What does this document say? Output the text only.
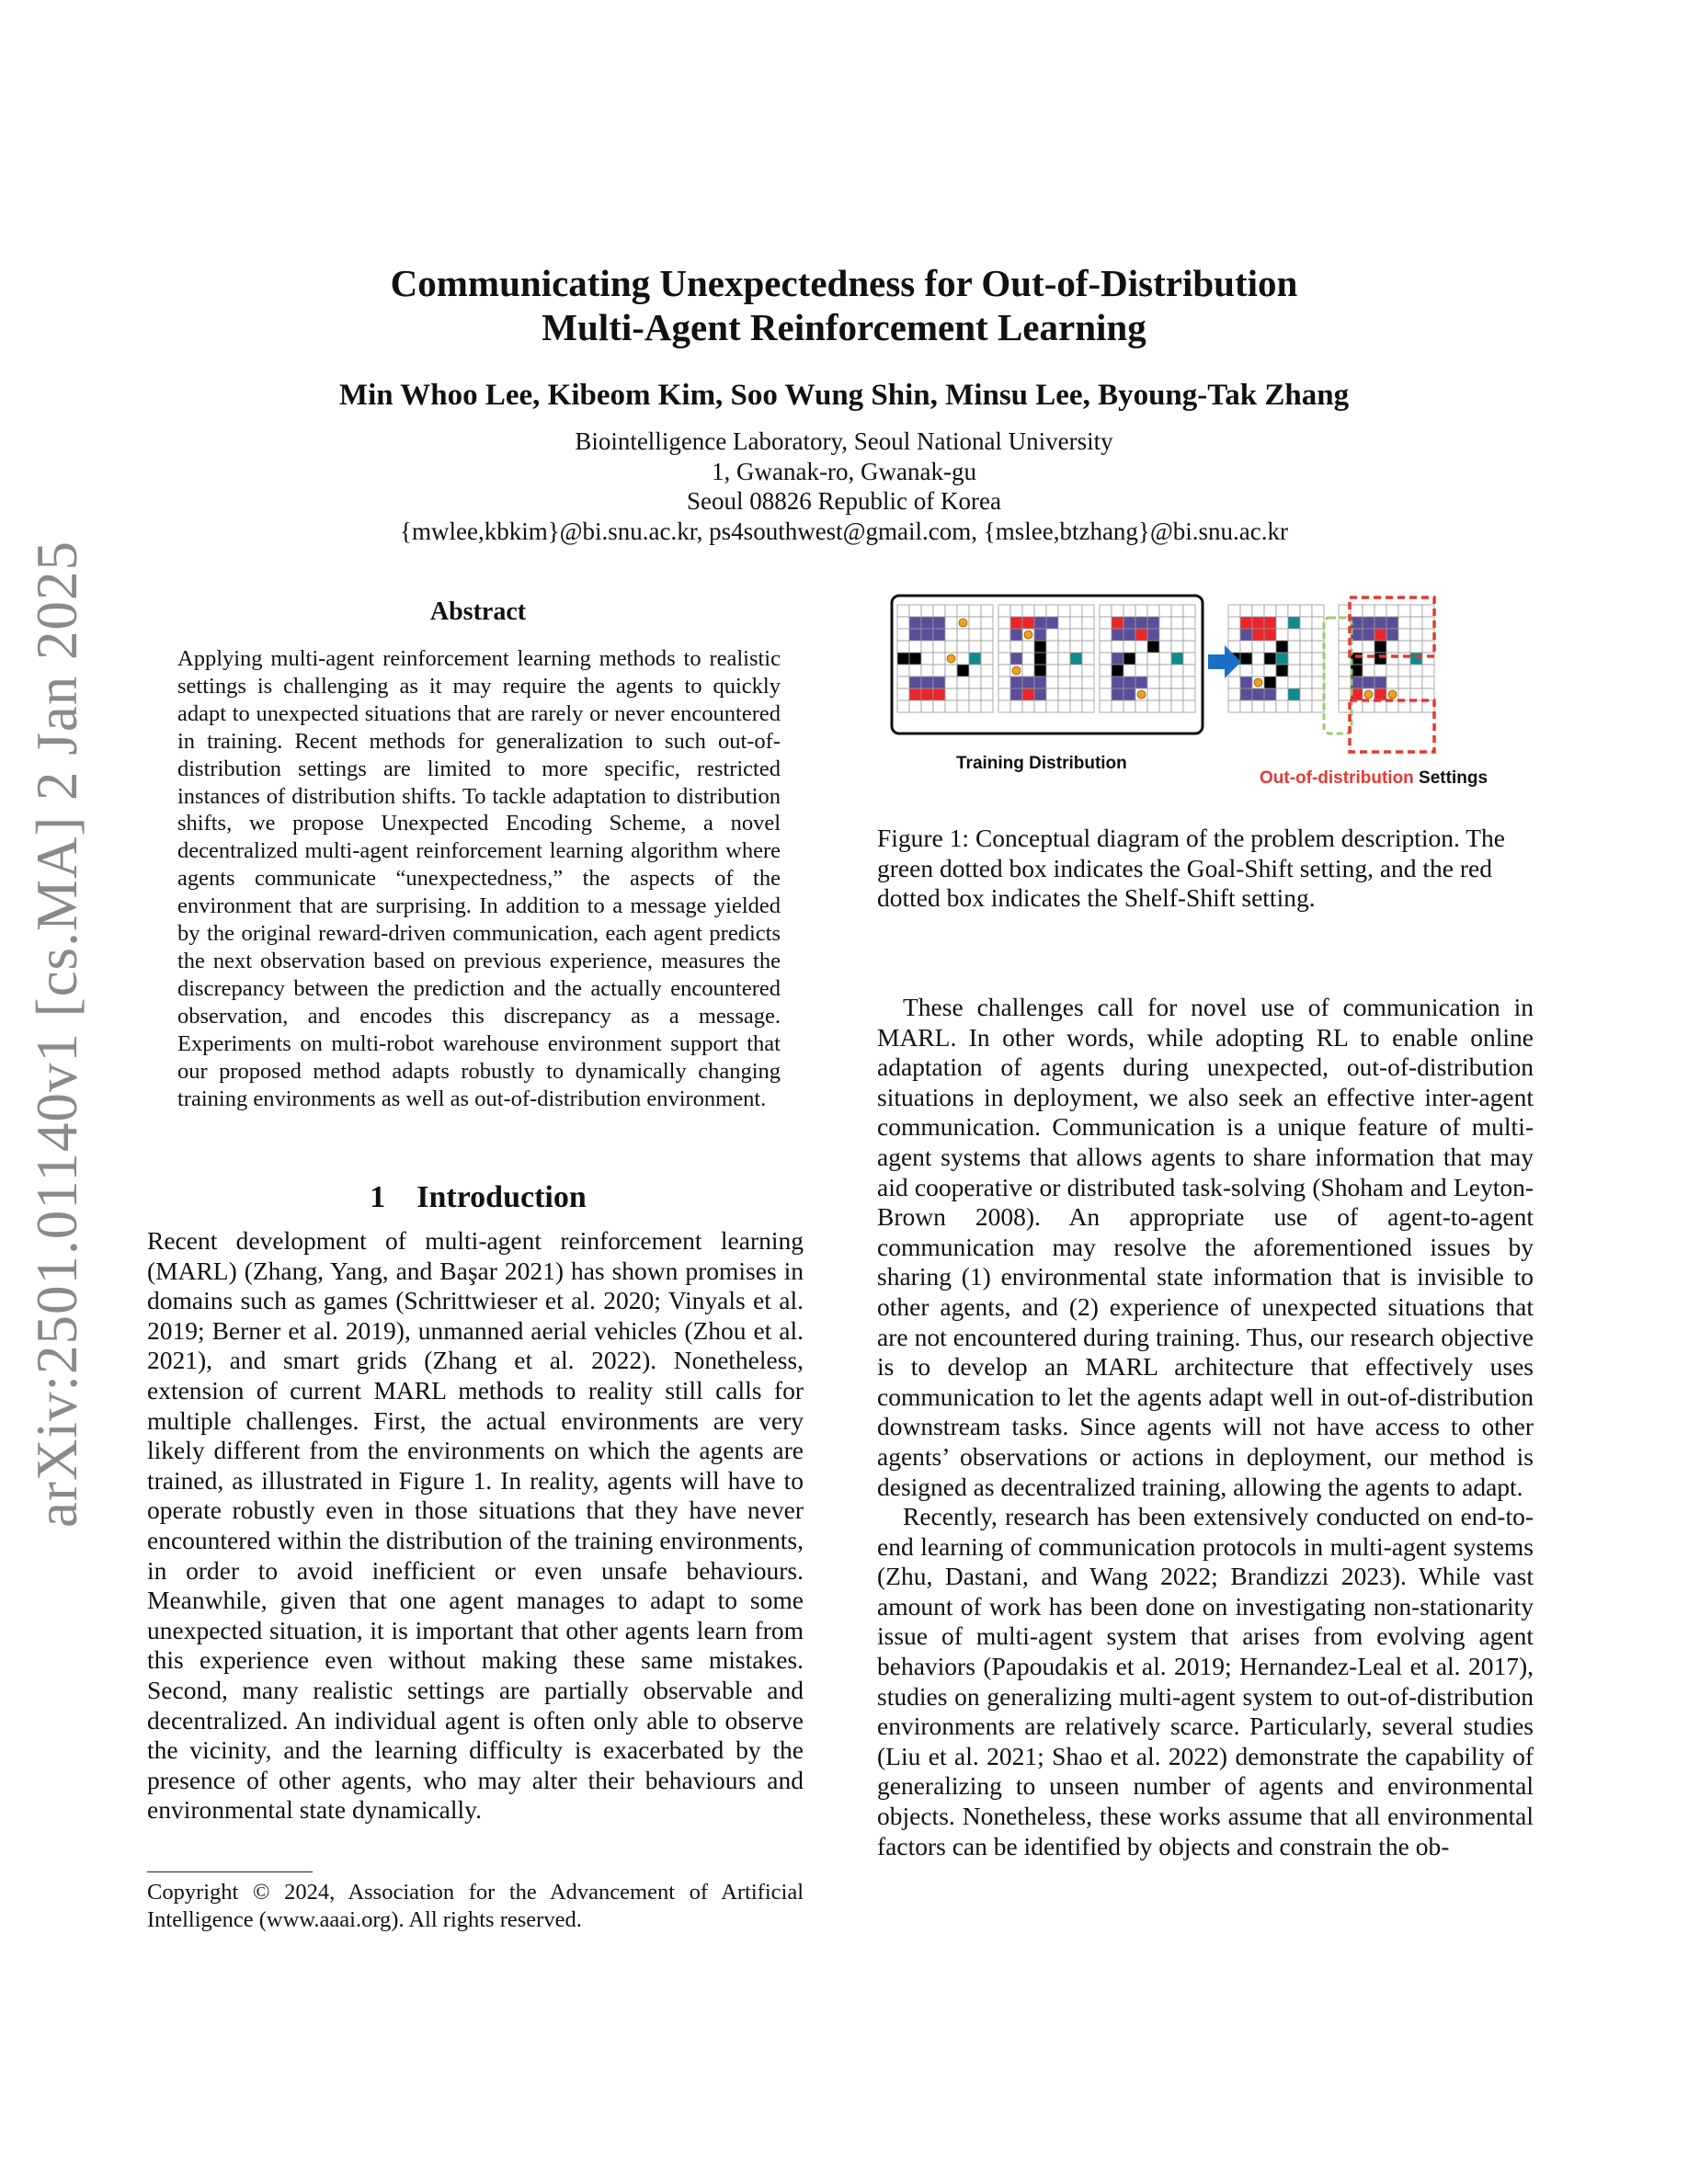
arXiv:2501.01140v1 [cs.MA] 2 Jan 2025
Communicating Unexpectedness for Out-of-Distribution
Multi-Agent Reinforcement Learning
Min Whoo Lee, Kibeom Kim, Soo Wung Shin, Minsu Lee, Byoung-Tak Zhang
Biointelligence Laboratory, Seoul National University
1, Gwanak-ro, Gwanak-gu
Seoul 08826 Republic of Korea
{mwlee,kbkim}@bi.snu.ac.kr, ps4southwest@gmail.com, {mslee,btzhang}@bi.snu.ac.kr
Abstract
Applying multi-agent reinforcement learning methods to realistic settings is challenging as it may require the agents to quickly adapt to unexpected situations that are rarely or never encountered in training. Recent methods for generalization to such out-of-distribution settings are limited to more specific, restricted instances of distribution shifts. To tackle adaptation to distribution shifts, we propose Unexpected Encoding Scheme, a novel decentralized multi-agent reinforcement learning algorithm where agents communicate “unexpectedness,” the aspects of the environment that are surprising. In addition to a message yielded by the original reward-driven communication, each agent predicts the next observation based on previous experience, measures the discrepancy between the prediction and the actually encountered observation, and encodes this discrepancy as a message. Experiments on multi-robot warehouse environment support that our proposed method adapts robustly to dynamically changing training environments as well as out-of-distribution environment.
1    Introduction

Recent development of multi-agent reinforcement learning (MARL) (Zhang, Yang, and Başar 2021) has shown promises in domains such as games (Schrittwieser et al. 2020; Vinyals et al. 2019; Berner et al. 2019), unmanned aerial vehicles (Zhou et al. 2021), and smart grids (Zhang et al. 2022). Nonetheless, extension of current MARL methods to reality still calls for multiple challenges. First, the actual environments are very likely different from the environments on which the agents are trained, as illustrated in Figure 1. In reality, agents will have to operate robustly even in those situations that they have never encountered within the distribution of the training environments, in order to avoid inefficient or even unsafe behaviours. Meanwhile, given that one agent manages to adapt to some unexpected situation, it is important that other agents learn from this experience even without making these same mistakes. Second, many realistic settings are partially observable and decentralized. An individual agent is often only able to observe the vicinity, and the learning difficulty is exacerbated by the presence of other agents, who may alter their behaviours and environmental state dynamically.

Copyright © 2024, Association for the Advancement of Artificial Intelligence (www.aaai.org). All rights reserved.
Training Distribution
Out-of-distribution Settings
Figure 1: Conceptual diagram of the problem description. The green dotted box indicates the Goal-Shift setting, and the red dotted box indicates the Shelf-Shift setting.

These challenges call for novel use of communication in MARL. In other words, while adopting RL to enable online adaptation of agents during unexpected, out-of-distribution situations in deployment, we also seek an effective inter-agent communication. Communication is a unique feature of multi-agent systems that allows agents to share information that may aid cooperative or distributed task-solving (Shoham and Leyton-Brown 2008). An appropriate use of agent-to-agent communication may resolve the aforementioned issues by sharing (1) environmental state information that is invisible to other agents, and (2) experience of unexpected situations that are not encountered during training. Thus, our research objective is to develop an MARL architecture that effectively uses communication to let the agents adapt well in out-of-distribution downstream tasks. Since agents will not have access to other agents’ observations or actions in deployment, our method is designed as decentralized training, allowing the agents to adapt.

Recently, research has been extensively conducted on end-to-end learning of communication protocols in multi-agent systems (Zhu, Dastani, and Wang 2022; Brandizzi 2023). While vast amount of work has been done on investigating non-stationarity issue of multi-agent system that arises from evolving agent behaviors (Papoudakis et al. 2019; Hernandez-Leal et al. 2017), studies on generalizing multi-agent system to out-of-distribution environments are relatively scarce. Particularly, several studies (Liu et al. 2021; Shao et al. 2022) demonstrate the capability of generalizing to unseen number of agents and environmental objects. Nonetheless, these works assume that all environmental factors can be identified by objects and constrain the ob-
